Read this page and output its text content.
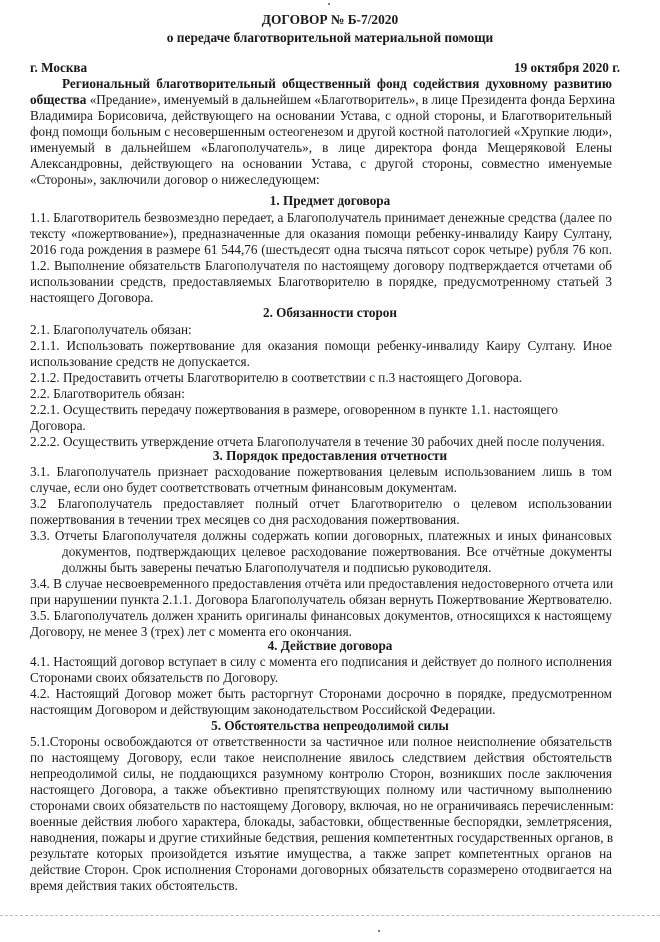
ДОГОВОР № Б-7/2020
о передаче благотворительной материальной помощи
г. Москва	19 октября 2020 г.
Региональный благотворительный общественный фонд содействия духовному развитию
общества «Предание», именуемый в дальнейшем «Благотворитель», в лице Президента фонда Берхина
Владимира Борисовича, действующего на основании Устава, с одной стороны, и Благотворительный
фонд помощи больным с несовершенным остеогенезом и другой костной патологией «Хрупкие люди»,
именуемый в дальнейшем «Благополучатель», в лице директора фонда Мещеряковой Елены
Александровны, действующего на основании Устава, с другой стороны, совместно именуемые
«Стороны», заключили договор о нижеследующем:
1. Предмет договора
1.1. Благотворитель безвозмездно передает, а Благополучатель принимает денежные средства (далее по
тексту «пожертвование»), предназначенные для оказания помощи ребенку-инвалиду Каиру Султану,
2016 года рождения в размере 61 544,76 (шестьдесят одна тысяча пятьсот сорок четыре) рубля 76 коп.
1.2. Выполнение обязательств Благополучателя по настоящему договору подтверждается отчетами об
использовании средств, предоставляемых Благотворителю в порядке, предусмотренному статьей 3
настоящего Договора.
2. Обязанности сторон
2.1. Благополучатель обязан:
2.1.1. Использовать пожертвование для оказания помощи ребенку-инвалиду Каиру Султану. Иное
использование средств не допускается.
2.1.2. Предоставить отчеты Благотворителю в соответствии с п.3 настоящего Договора.
2.2. Благотворитель обязан:
2.2.1. Осуществить передачу пожертвования в размере, оговоренном в пункте 1.1. настоящего
Договора.
2.2.2. Осуществить утверждение отчета Благополучателя в течение 30 рабочих дней после получения.
3. Порядок предоставления отчетности
3.1. Благополучатель признает расходование пожертвования целевым использованием лишь в том
случае, если оно будет соответствовать отчетным финансовым документам.
3.2 Благополучатель предоставляет полный отчет Благотворителю о целевом использовании
пожертвования в течении трех месяцев со дня расходования пожертвования.
3.3. Отчеты Благополучателя должны содержать копии договорных, платежных и иных финансовых
документов, подтверждающих целевое расходование пожертвования. Все отчётные документы
должны быть заверены печатью Благополучателя и подписью руководителя.
3.4. В случае несвоевременного предоставления отчёта или предоставления недостоверного отчета или
при нарушении пункта 2.1.1. Договора Благополучатель обязан вернуть Пожертвование Жертвователю.
3.5. Благополучатель должен хранить оригиналы финансовых документов, относящихся к настоящему
Договору, не менее 3 (трех) лет с момента его окончания.
4. Действие договора
4.1. Настоящий договор вступает в силу с момента его подписания и действует до полного исполнения
Сторонами своих обязательств по Договору.
4.2. Настоящий Договор может быть расторгнут Сторонами досрочно в порядке, предусмотренном
настоящим Договором и действующим законодательством Российской Федерации.
5. Обстоятельства непреодолимой силы
5.1.Стороны освобождаются от ответственности за частичное или полное неисполнение обязательств
по настоящему Договору, если такое неисполнение явилось следствием действия обстоятельств
непреодолимой силы, не поддающихся разумному контролю Сторон, возникших после заключения
настоящего Договора, а также объективно препятствующих полному или частичному выполнению
сторонами своих обязательств по настоящему Договору, включая, но не ограничиваясь перечисленным:
военные действия любого характера, блокады, забастовки, общественные беспорядки, землетрясения,
наводнения, пожары и другие стихийные бедствия, решения компетентных государственных органов, в
результате которых произойдется изъятие имущества, а также запрет компетентных органов на
действие Сторон. Срок исполнения Сторонами договорных обязательств соразмерено отодвигается на
время действия таких обстоятельств.
